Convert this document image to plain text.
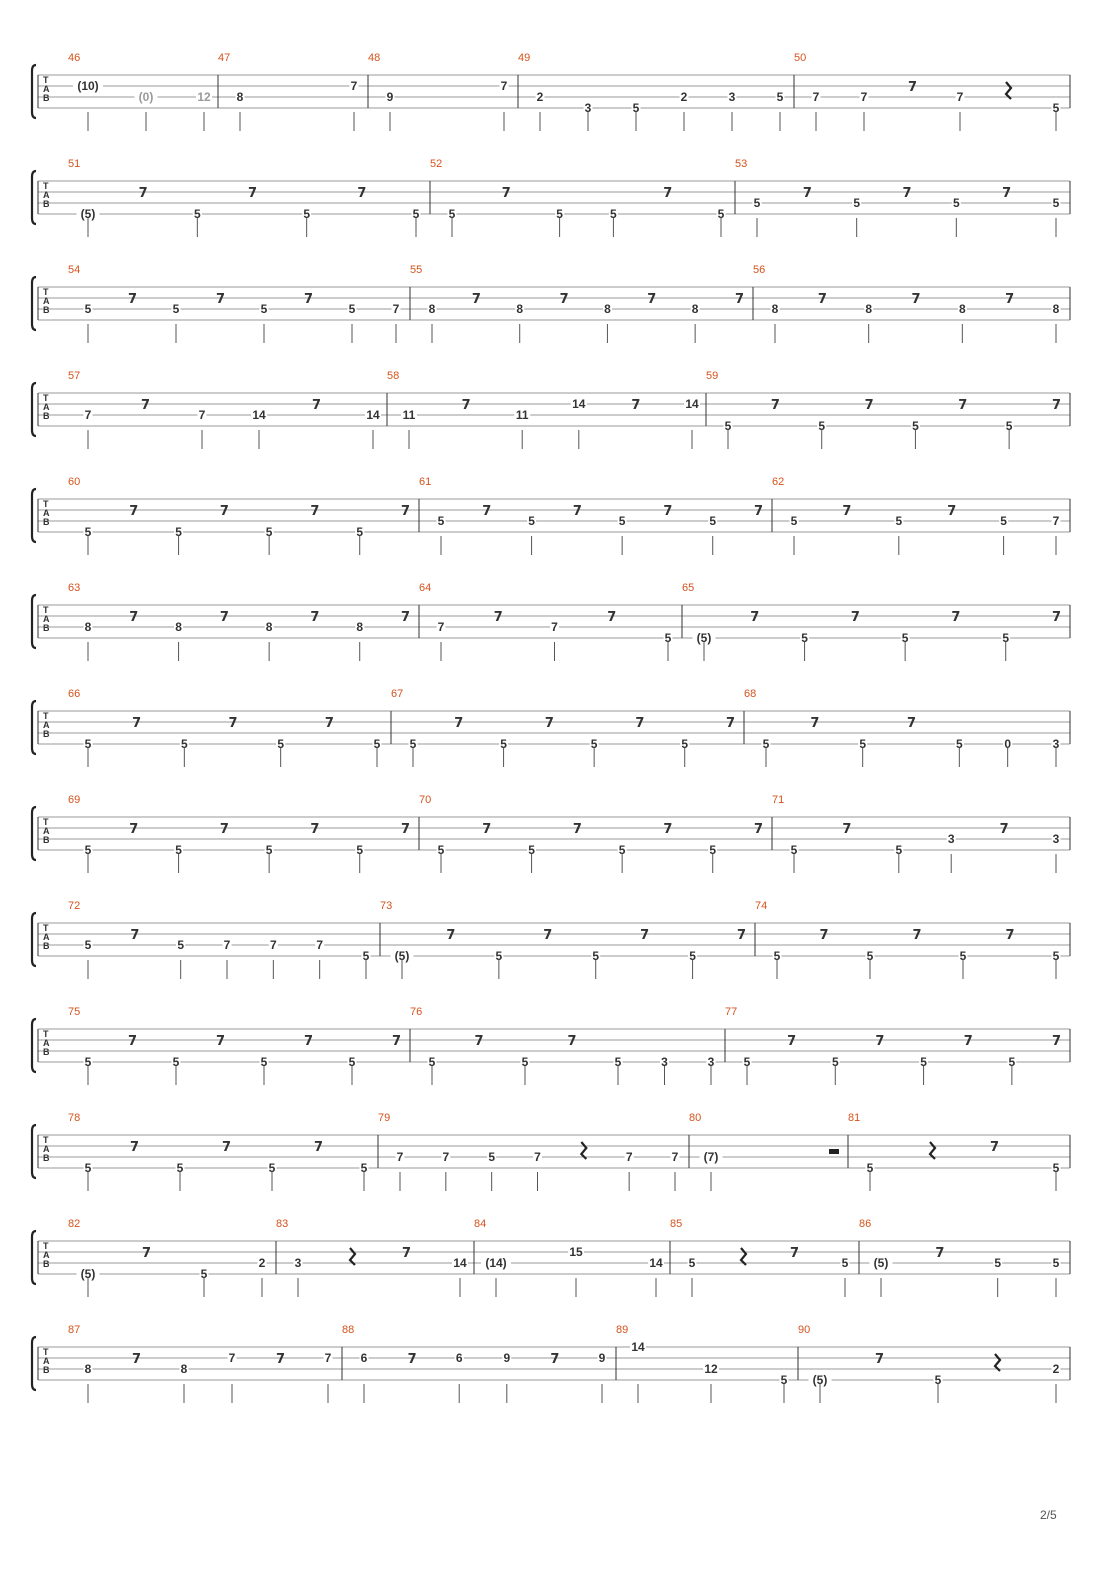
T
A
B
46
(10)
(0)	12
47
8
7
48
9
7
49
2
3	5
2	3	5
50
7	7
7
7
5
T
A
B
51
(5)
7
5
7
5
7
5
52
5
7
5	5
7
5
53
5
7
5
7
5
7
5
T
A
B
54
5
7
5
7
5
7
5	7
55
8
7
8
7
8
7
8
7
56
8
7
8
7
8
7
8
T
A
B
57
7
7
7	14
7
14
58
11
7
11
14	7	14
59
5
7
5
7
5
7
5
7
T
A
B
60
5
7
5
7
5
7
5
7
61
5
7
5
7
5
7
5
7
62
5
7
5
7
5	7
T
A
B
63
8
7
8
7
8
7
8
7
64
7
7
7
7
5
65
(5)
7
5
7
5
7
5
7
T
A
B
66
5
7
5
7
5
7
5
67
5
7
5
7
5
7
5
7
68
5
7
5
7
5	0	3
T
A
B
69
5
7
5
7
5
7
5
7
70
5
7
5
7
5
7
5
7
71
5
7
5
3
7
3
T
A
B
72
5
7
5	7	7	7
5
73
(5)
7
5
7
5
7
5
7
74
5
7
5
7
5
7
5
T
A
B
75
5
7
5
7
5
7
5
7
76
5
7
5
7
5	3	3
77
5
7
5
7
5
7
5
7
T
A
B
78
5
7
5
7
5
7
5
79
7	7	5	7	7	7
80
(7)
81
5
7
5
T
A
B
82
(5)
7
5
2
83
3
7
14
84
(14)
15
14
85
5
7
5
86
(5)
7
5	5
T
A
B
87
8
7
8
7	7	7
88
6	7	6	9	7	9
89
14
12
5
90
(5)
7
5
2
2/5
